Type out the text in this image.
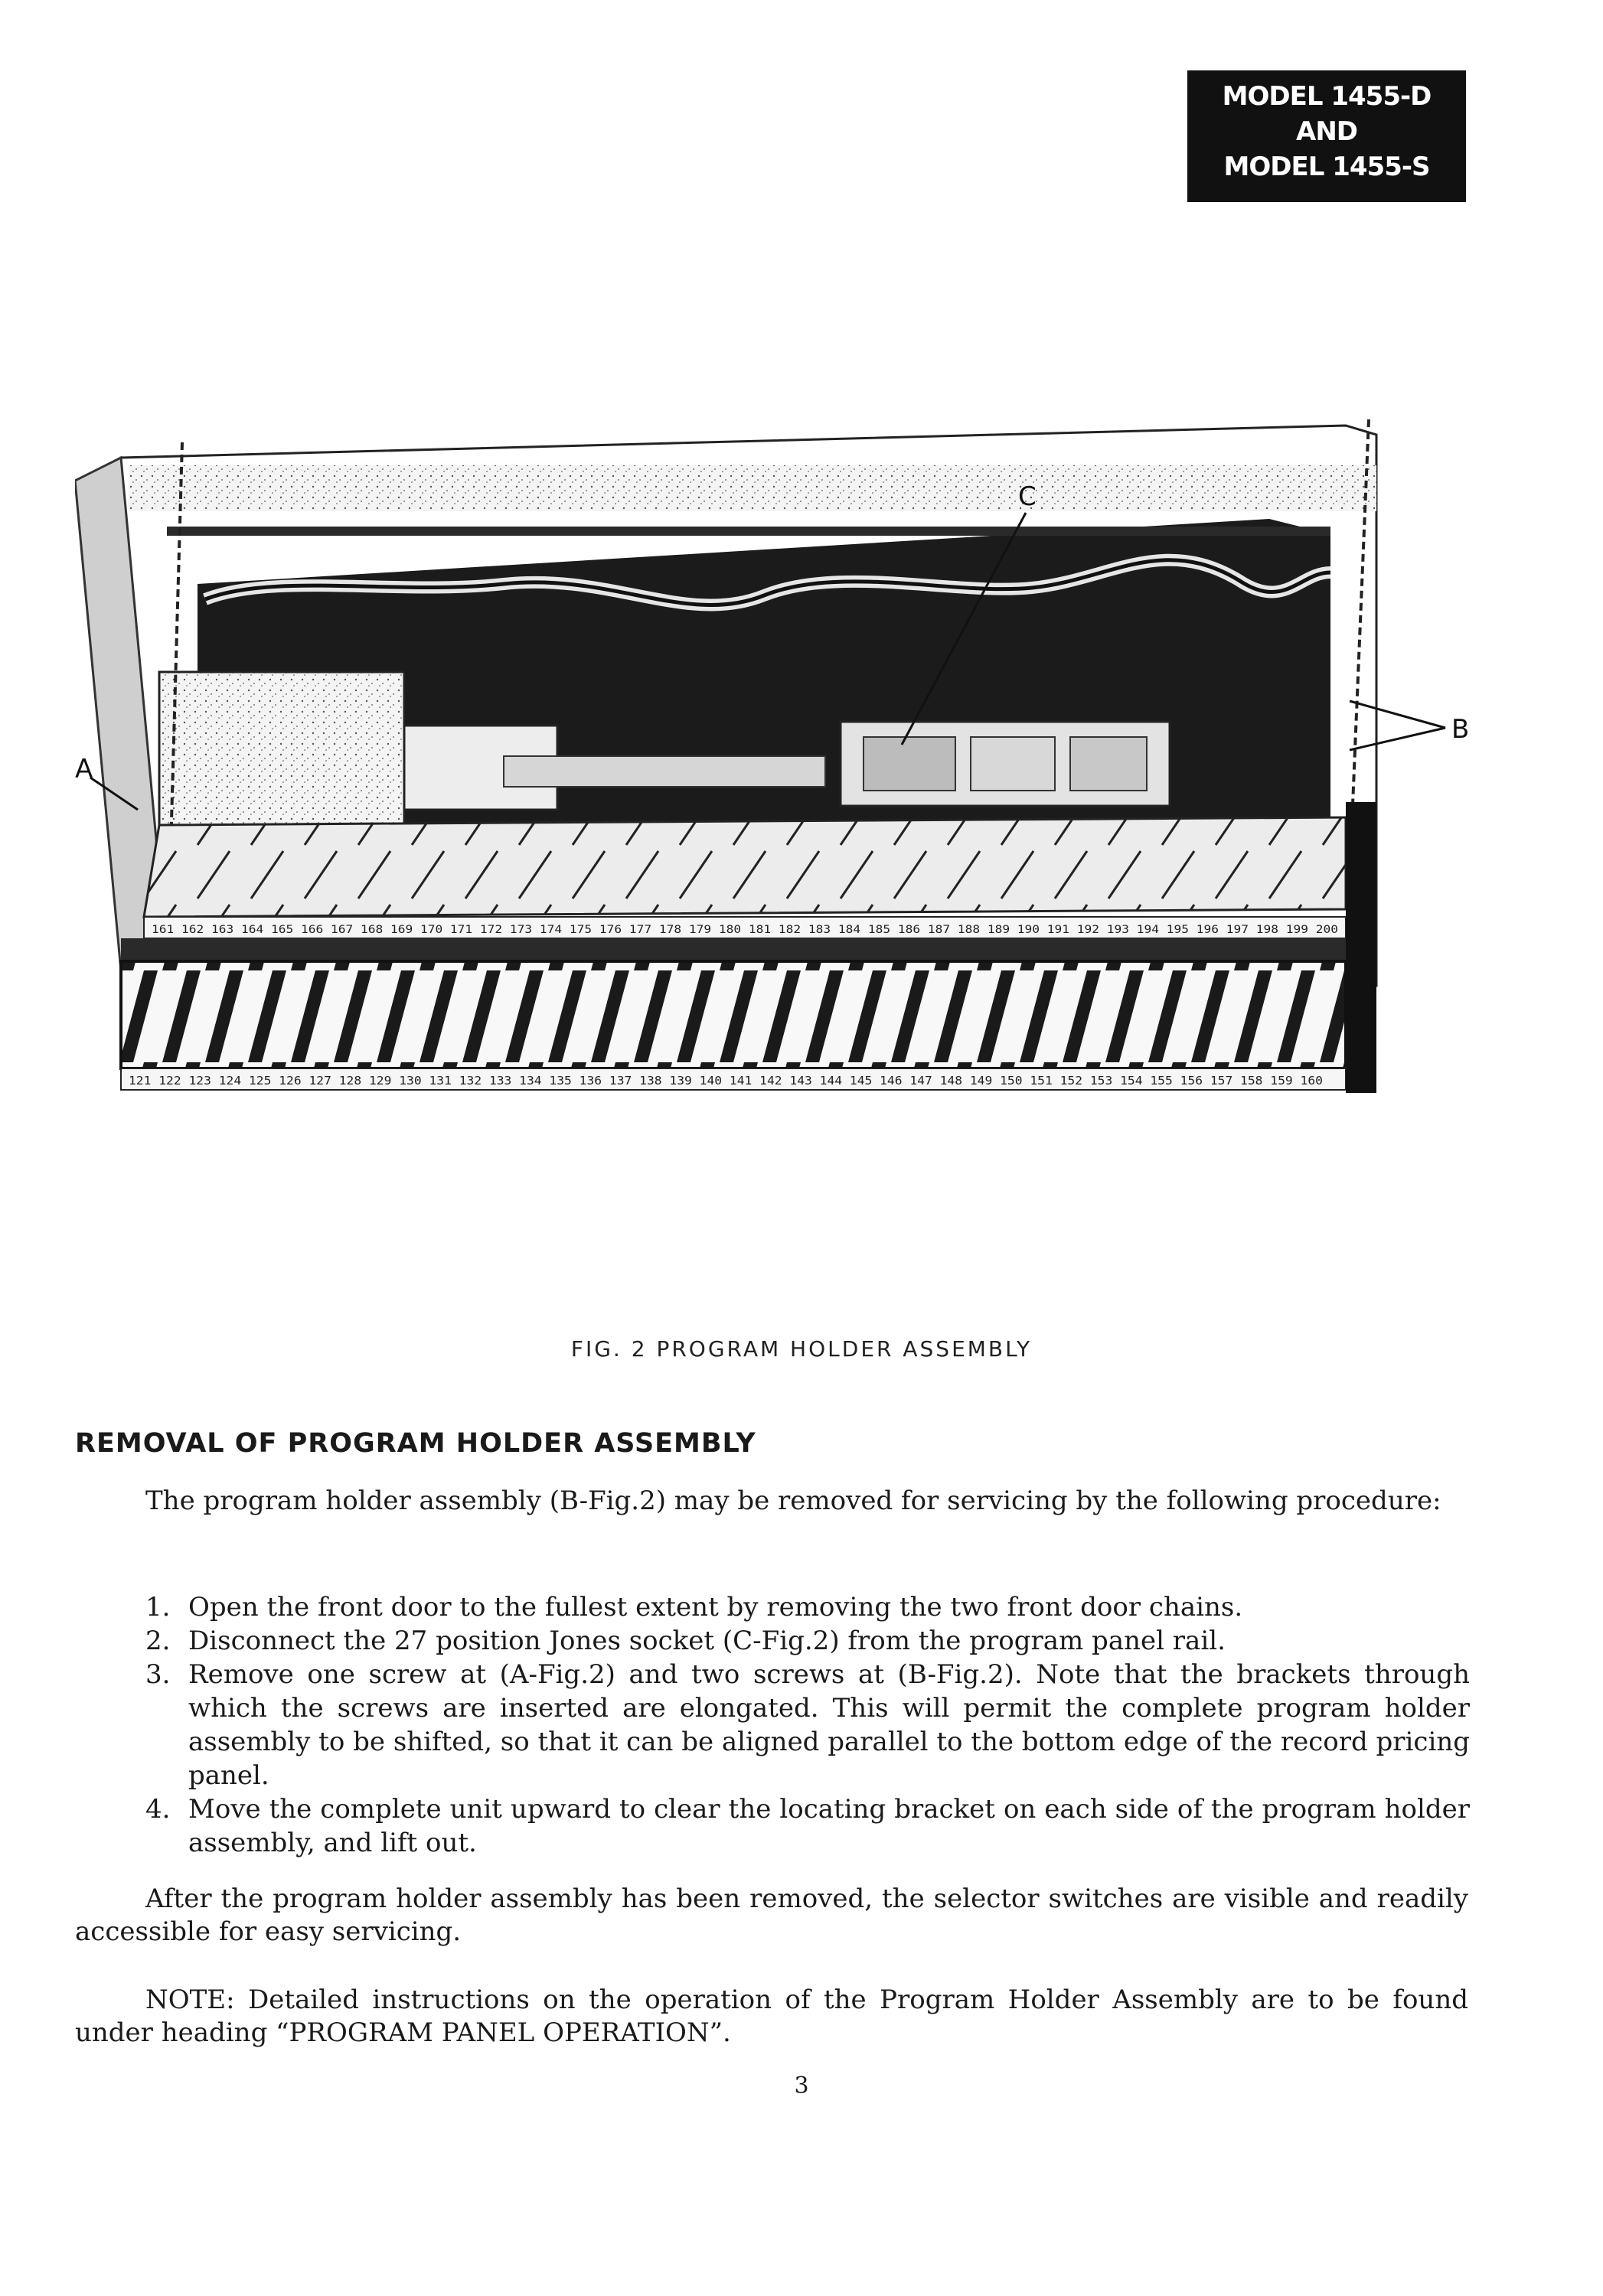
MODEL 1455-D
AND
MODEL 1455-S
161 162 163 164 165 166 167 168 169 170 171 172 173 174 175 176 177 178 179 180 181 182 183 184 185 186 187 188 189 190 191 192 193 194 195 196 197 198 199 200
121 122 123 124 125 126 127 128 129 130 131 132 133 134 135 136 137 138 139 140 141 142 143 144 145 146 147 148 149 150 151 152 153 154 155 156 157 158 159 160
C
A
B
FIG. 2 PROGRAM HOLDER ASSEMBLY
REMOVAL OF PROGRAM HOLDER ASSEMBLY

The program holder assembly (B-Fig.2) may be removed for servicing by the following procedure:

1. Open the front door to the fullest extent by removing the two front door chains.
2. Disconnect the 27 position Jones socket (C-Fig.2) from the program panel rail.
3. Remove one screw at (A-Fig.2) and two screws at (B-Fig.2). Note that the brackets through which the screws are inserted are elongated. This will permit the complete program holder assembly to be shifted, so that it can be aligned parallel to the bottom edge of the record pricing panel.
4. Move the complete unit upward to clear the locating bracket on each side of the program holder assembly, and lift out.

After the program holder assembly has been removed, the selector switches are visible and readily accessible for easy servicing.

NOTE: Detailed instructions on the operation of the Program Holder Assembly are to be found under heading “PROGRAM PANEL OPERATION”.

3
